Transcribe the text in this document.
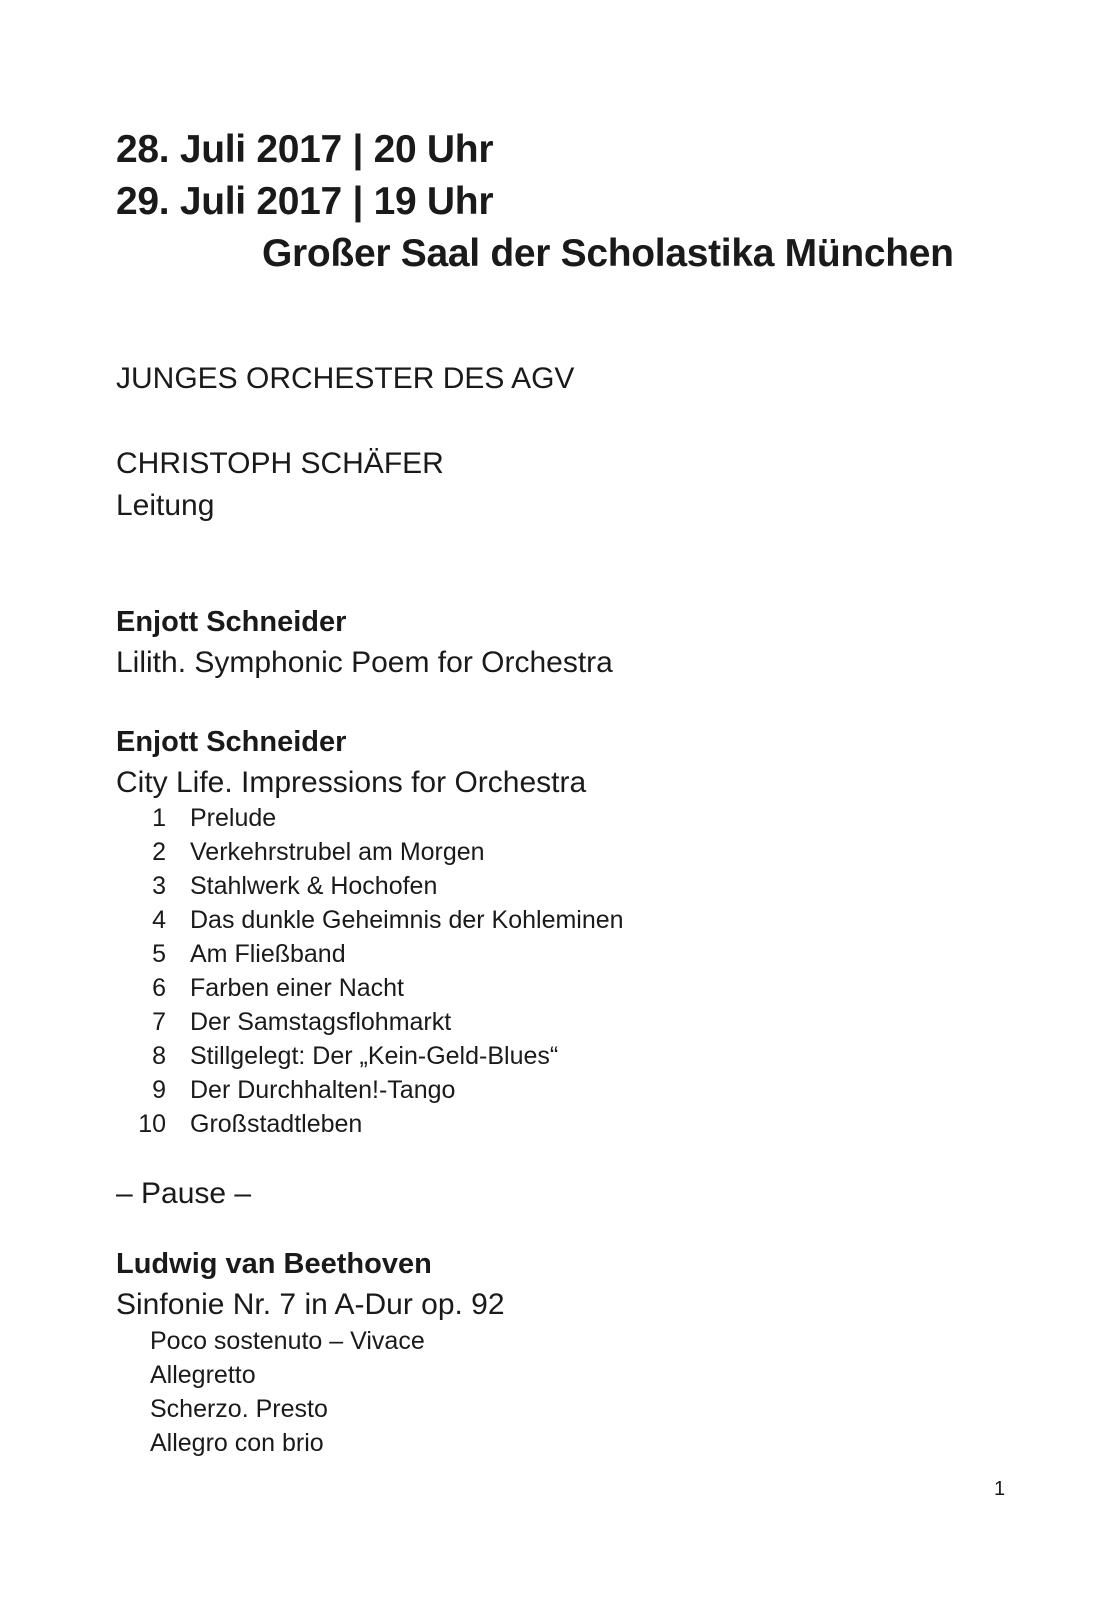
28. Juli 2017 | 20 Uhr
29. Juli 2017 | 19 Uhr
Großer Saal der Scholastika München
JUNGES ORCHESTER DES AGV
CHRISTOPH SCHÄFER
Leitung
Enjott Schneider
Lilith. Symphonic Poem for Orchestra
Enjott Schneider
City Life. Impressions for Orchestra
1 Prelude
2 Verkehrstrubel am Morgen
3 Stahlwerk & Hochofen
4 Das dunkle Geheimnis der Kohleminen
5 Am Fließband
6 Farben einer Nacht
7 Der Samstagsflohmarkt
8 Stillgelegt: Der „Kein-Geld-Blues“
9 Der Durchhalten!-Tango
10 Großstadtleben
– Pause –
Ludwig van Beethoven
Sinfonie Nr. 7 in A-Dur op. 92
Poco sostenuto – Vivace
Allegretto
Scherzo. Presto
Allegro con brio
1
